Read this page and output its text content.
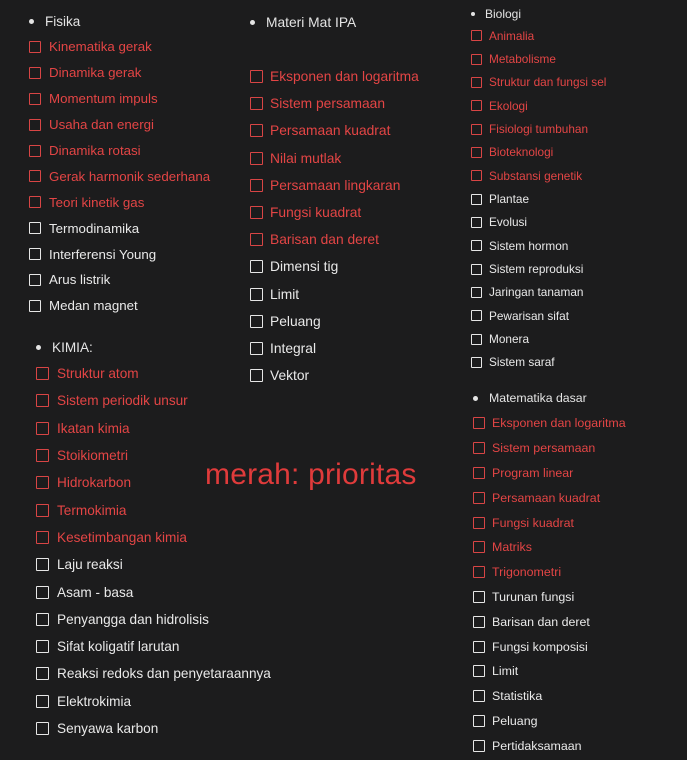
Fisika
Kinematika gerak
Dinamika gerak
Momentum impuls
Usaha dan energi
Dinamika rotasi
Gerak harmonik sederhana
Teori kinetik gas
Termodinamika
Interferensi Young
Arus listrik
Medan magnet
KIMIA:
Struktur atom
Sistem periodik unsur
Ikatan kimia
Stoikiometri
Hidrokarbon
Termokimia
Kesetimbangan kimia
Laju reaksi
Asam - basa
Penyangga dan hidrolisis
Sifat koligatif larutan
Reaksi redoks dan penyetaraannya
Elektrokimia
Senyawa karbon
Materi Mat IPA
Eksponen dan logaritma
Sistem persamaan
Persamaan kuadrat
Nilai mutlak
Persamaan lingkaran
Fungsi kuadrat
Barisan dan deret
Dimensi tig
Limit
Peluang
Integral
Vektor
Biologi
Animalia
Metabolisme
Struktur dan fungsi sel
Ekologi
Fisiologi tumbuhan
Bioteknologi
Substansi genetik
Plantae
Evolusi
Sistem hormon
Sistem reproduksi
Jaringan tanaman
Pewarisan sifat
Monera
Sistem saraf
Matematika dasar
Eksponen dan logaritma
Sistem persamaan
Program linear
Persamaan kuadrat
Fungsi kuadrat
Matriks
Trigonometri
Turunan fungsi
Barisan dan deret
Fungsi komposisi
Limit
Statistika
Peluang
Pertidaksamaan
merah: prioritas
